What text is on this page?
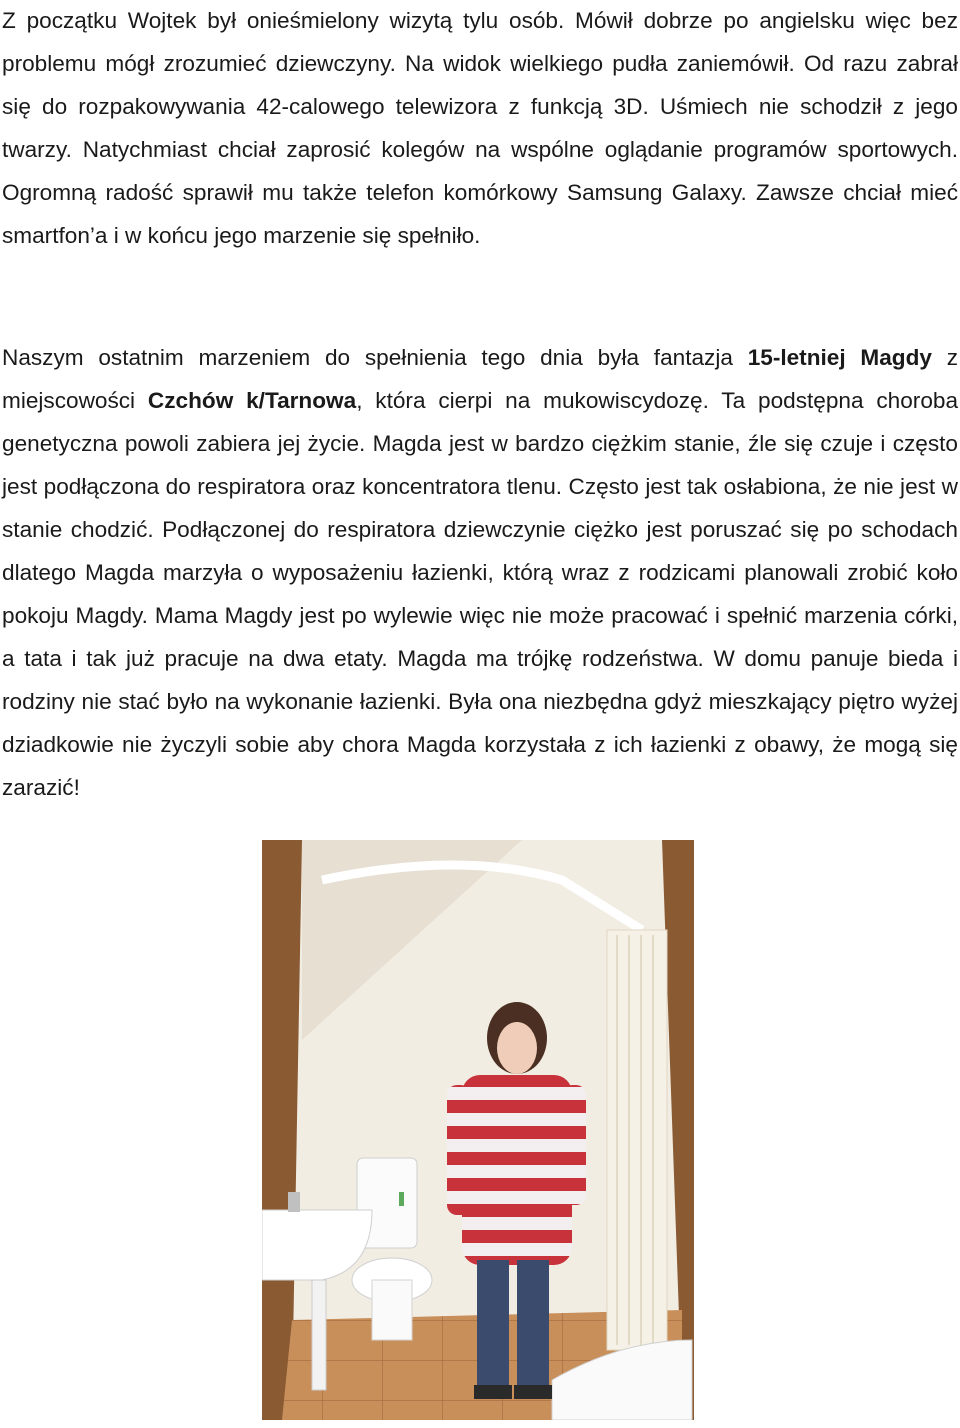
Z początku Wojtek był onieśmielony wizytą tylu osób. Mówił dobrze po angielsku więc bez problemu mógł zrozumieć dziewczyny. Na widok wielkiego pudła zaniemówił. Od razu zabrał się do rozpakowywania 42-calowego telewizora z funkcją 3D. Uśmiech nie schodził z jego twarzy. Natychmiast chciał zaprosić kolegów na wspólne oglądanie programów sportowych. Ogromną radość sprawił mu także telefon komórkowy Samsung Galaxy. Zawsze chciał mieć smartfon’a i w końcu jego marzenie się spełniło.

Naszym ostatnim marzeniem do spełnienia tego dnia była fantazja 15-letniej Magdy z miejscowości Czchów k/Tarnowa, która cierpi na mukowiscydozę. Ta podstępna choroba genetyczna powoli zabiera jej życie. Magda jest w bardzo ciężkim stanie, źle się czuje i często jest podłączona do respiratora oraz koncentratora tlenu. Często jest tak osłabiona, że nie jest w stanie chodzić. Podłączonej do respiratora dziewczynie ciężko jest poruszać się po schodach dlatego Magda marzyła o wyposażeniu łazienki, którą wraz z rodzicami planowali zrobić koło pokoju Magdy. Mama Magdy jest po wylewie więc nie może pracować i spełnić marzenia córki, a tata i tak już pracuje na dwa etaty. Magda ma trójkę rodzeństwa. W domu panuje bieda i rodziny nie stać było na wykonanie łazienki. Była ona niezbędna gdyż mieszkający piętro wyżej dziadkowie nie życzyli sobie aby chora Magda korzystała z ich łazienki z obawy, że mogą się zarazić!
